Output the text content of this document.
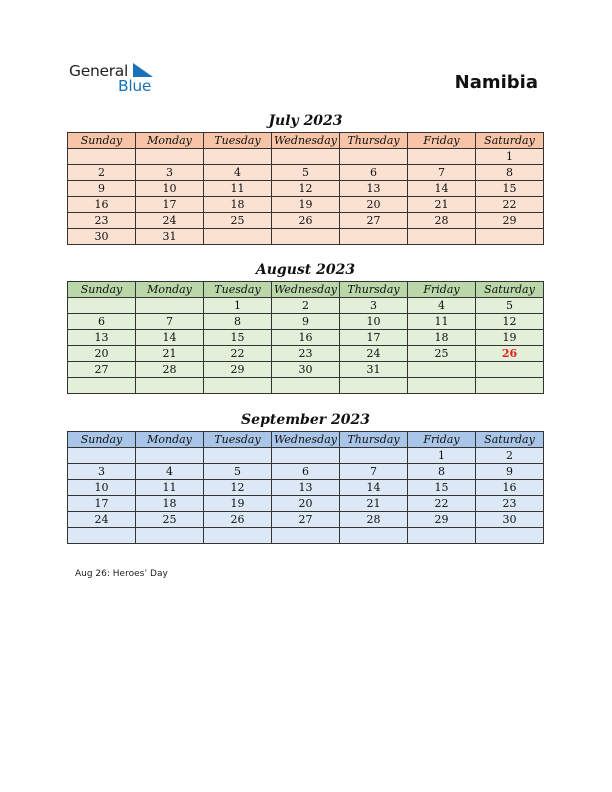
General
Blue	Namibia
July 2023
Sunday	Monday	Tuesday	Wednesday	Thursday	Friday	Saturday
						1
2	3	4	5	6	7	8
9	10	11	12	13	14	15
16	17	18	19	20	21	22
23	24	25	26	27	28	29
30	31					
August 2023
Sunday	Monday	Tuesday	Wednesday	Thursday	Friday	Saturday
		1	2	3	4	5
6	7	8	9	10	11	12
13	14	15	16	17	18	19
20	21	22	23	24	25	26
27	28	29	30	31		

September 2023
Sunday	Monday	Tuesday	Wednesday	Thursday	Friday	Saturday
					1	2
3	4	5	6	7	8	9
10	11	12	13	14	15	16
17	18	19	20	21	22	23
24	25	26	27	28	29	30

Aug 26: Heroes’ Day
